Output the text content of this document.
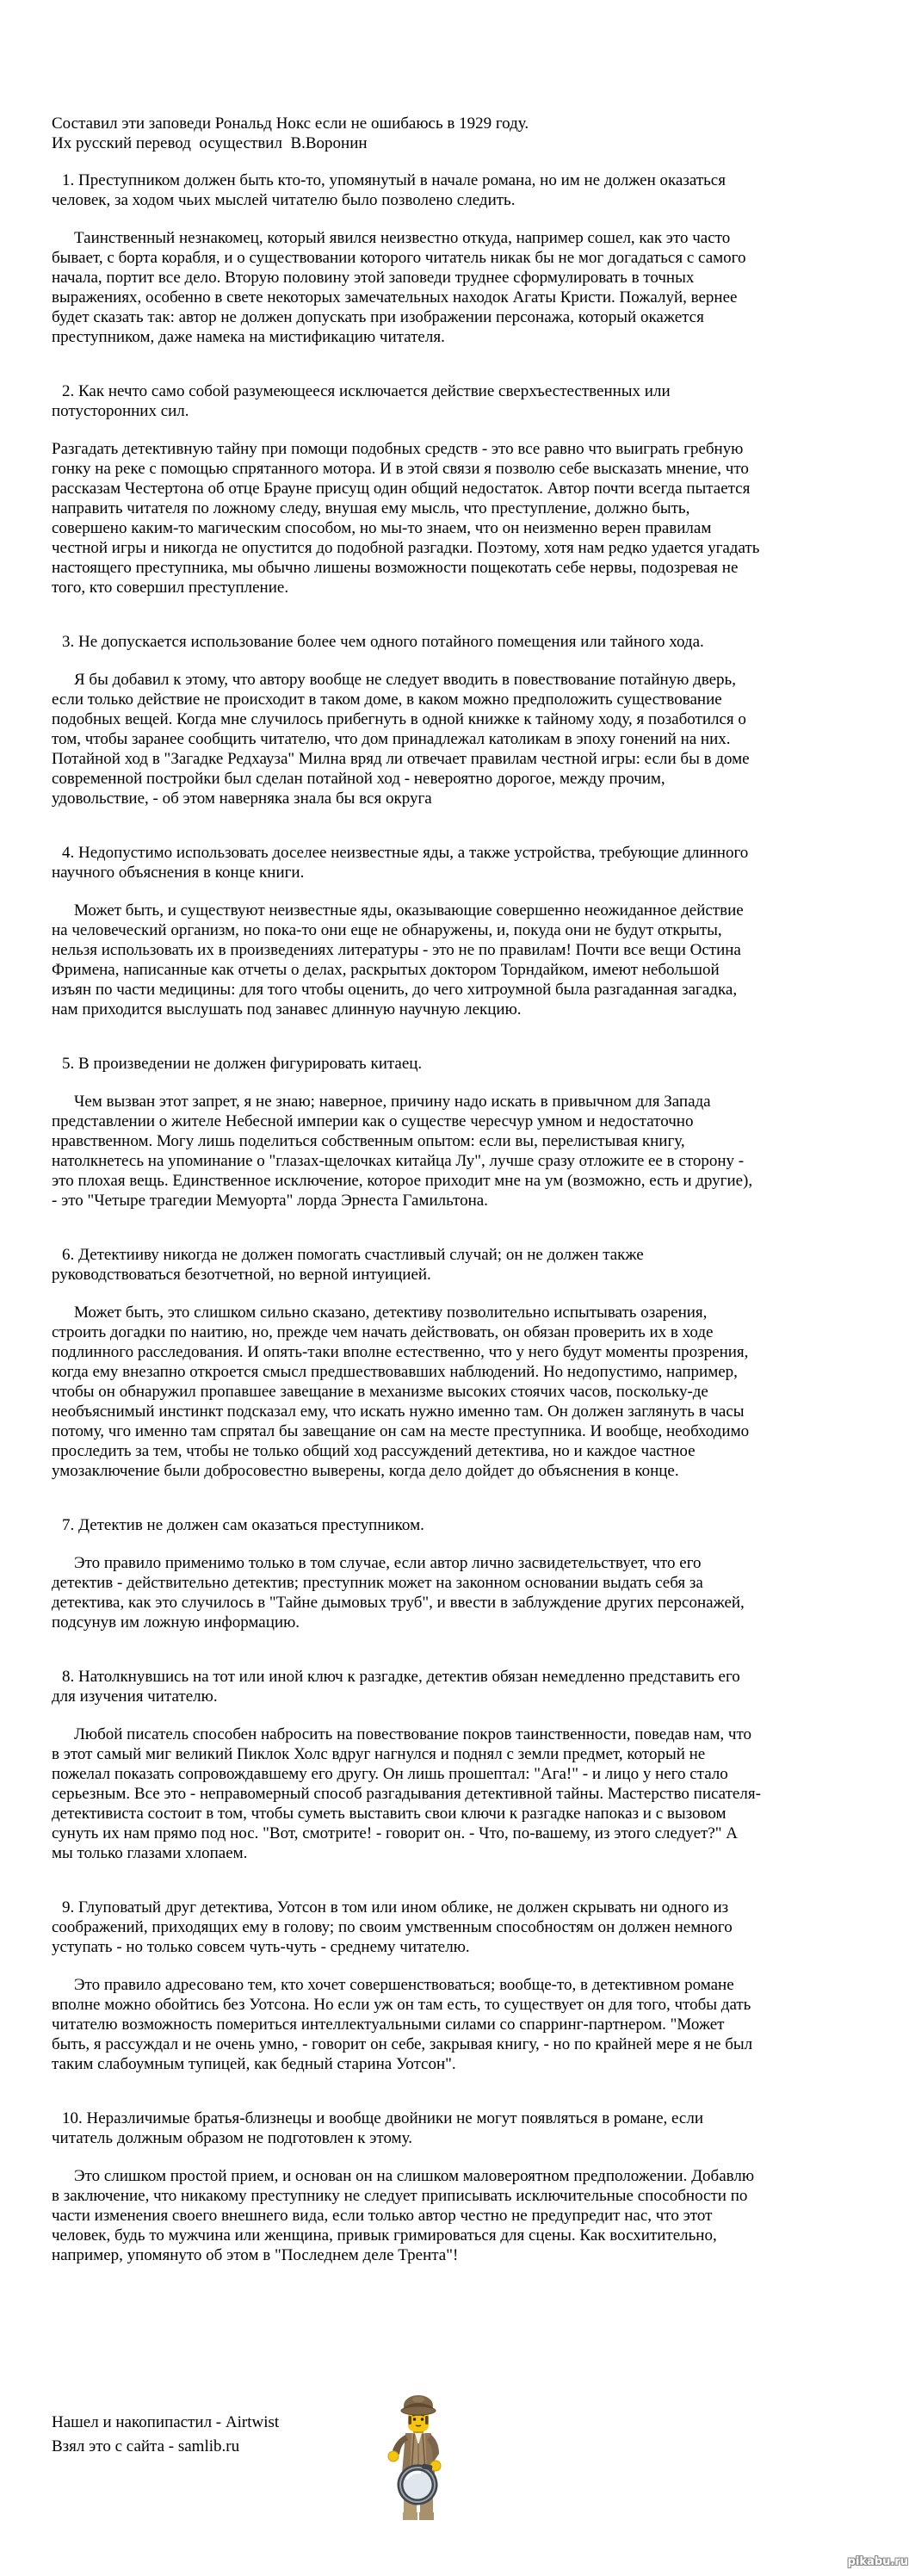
Составил эти заповеди Рональд Нокс если не ошибаюсь в 1929 году.

Их русский перевод  осуществил  В.Воронин

1. Преступником должен быть кто-то, упомянутый в начале романа, но им не должен оказаться человек, за ходом чьих мыслей читателю было позволено следить.

Таинственный незнакомец, который явился неизвестно откуда, например сошел, как это часто бывает, с борта корабля, и о существовании которого читатель никак бы не мог догадаться с самого начала, портит все дело. Вторую половину этой заповеди труднее сформулировать в точных выражениях, особенно в свете некоторых замечательных находок Агаты Кристи. Пожалуй, вернее будет сказать так: автор не должен допускать при изображении персонажа, который окажется преступником, даже намека на мистификацию читателя.

2. Как нечто само собой разумеющееся исключается действие сверхъестественных или потусторонних сил.

Разгадать детективную тайну при помощи подобных средств - это все равно что выиграть гребную гонку на реке с помощью спрятанного мотора. И в этой связи я позволю себе высказать мнение, что рассказам Честертона об отце Брауне присущ один общий недостаток. Автор почти всегда пытается направить читателя по ложному следу, внушая ему мысль, что преступление, должно быть, совершено каким-то магическим способом, но мы-то знаем, что он неизменно верен правилам честной игры и никогда не опустится до подобной разгадки. Поэтому, хотя нам редко удается угадать настоящего преступника, мы обычно лишены возможности пощекотать себе нервы, подозревая не того, кто совершил преступление.

3. Не допускается использование более чем одного потайного помещения или тайного хода.

Я бы добавил к этому, что автору вообще не следует вводить в повествование потайную дверь, если только действие не происходит в таком доме, в каком можно предположить существование подобных вещей. Когда мне случилось прибегнуть в одной книжке к тайному ходу, я позаботился о том, чтобы заранее сообщить читателю, что дом принадлежал католикам в эпоху гонений на них. Потайной ход в "Загадке Редхауза" Милна вряд ли отвечает правилам честной игры: если бы в доме современной постройки был сделан потайной ход - невероятно дорогое, между прочим, удовольствие, - об этом наверняка знала бы вся округа

4. Недопустимо использовать доселее неизвестные яды, а также устройства, требующие длинного научного объяснения в конце книги.

Может быть, и существуют неизвестные яды, оказывающие совершенно неожиданное действие на человеческий организм, но пока-то они еще не обнаружены, и, покуда они не будут открыты, нельзя использовать их в произведениях литературы - это не по правилам! Почти все вещи Остина Фримена, написанные как отчеты о делах, раскрытых доктором Торндайком, имеют небольшой изъян по части медицины: для того чтобы оценить, до чего хитроумной была разгаданная загадка, нам приходится выслушать под занавес длинную научную лекцию.

5. В произведении не должен фигурировать китаец.

Чем вызван этот запрет, я не знаю; наверное, причину надо искать в привычном для Запада представлении о жителе Небесной империи как о существе чересчур умном и недостаточно нравственном. Могу лишь поделиться собственным опытом: если вы, перелистывая книгу, натолкнетесь на упоминание о "глазах-щелочках китайца Лу", лучше сразу отложите ее в сторону - это плохая вещь. Единственное исключение, которое приходит мне на ум (возможно, есть и другие), - это "Четыре трагедии Мемуорта" лорда Эрнеста Гамильтона.

6. Детектииву никогда не должен помогать счастливый случай; он не должен также руководствоваться безотчетной, но верной интуицией.

Может быть, это слишком сильно сказано, детективу позволительно испытывать озарения, строить догадки по наитию, но, прежде чем начать действовать, он обязан проверить их в ходе подлинного расследования. И опять-таки вполне естественно, что у него будут моменты прозрения, когда ему внезапно откроется смысл предшествовавших наблюдений. Но недопустимо, например, чтобы он обнаружил пропавшее завещание в механизме высоких стоячих часов, поскольку-де необъяснимый инстинкт подсказал ему, что искать нужно именно там. Он должен заглянуть в часы потому, чго именно там спрятал бы завещание он сам на месте преступника. И вообще, необходимо проследить за тем, чтобы не только общий ход рассуждений детектива, но и каждое частное умозаключение были добросовестно выверены, когда дело дойдет до объяснения в конце.

7. Детектив не должен сам оказаться преступником.

Это правило применимо только в том случае, если автор лично засвидетельствует, что его детектив - действительно детектив; преступник может на законном основании выдать себя за детектива, как это случилось в "Тайне дымовых труб", и ввести в заблуждение других персонажей, подсунув им ложную информацию.

8. Натолкнувшись на тот или иной ключ к разгадке, детектив обязан немедленно представить его для изучения читателю.

Любой писатель способен набросить на повествование покров таинственности, поведав нам, что в этот самый миг великий Пиклок Холс вдруг нагнулся и поднял с земли предмет, который не пожелал показать сопровождавшему его другу. Он лишь прошептал: "Ага!" - и лицо у него стало серьезным. Все это - неправомерный способ разгадывания детективной тайны. Мастерство писателя-детективиста состоит в том, чтобы суметь выставить свои ключи к разгадке напоказ и с вызовом сунуть их нам прямо под нос. "Вот, смотрите! - говорит он. - Что, по-вашему, из этого следует?" А мы только глазами хлопаем.

9. Глуповатый друг детектива, Уотсон в том или ином облике, не должен скрывать ни одного из соображений, приходящих ему в голову; по своим умственным способностям он должен немного уступать - но только совсем чуть-чуть - среднему читателю.

Это правило адресовано тем, кто хочет совершенствоваться; вообще-то, в детективном романе вполне можно обойтись без Уотсона. Но если уж он там есть, то существует он для того, чтобы дать читателю возможность помериться интеллектуальными силами со спарринг-партнером. "Может быть, я рассуждал и не очень умно, - говорит он себе, закрывая книгу, - но по крайней мере я не был таким слабоумным тупицей, как бедный старина Уотсон".

10. Неразличимые братья-близнецы и вообще двойники не могут появляться в романе, если читатель должным образом не подготовлен к этому.

Это слишком простой прием, и основан он на слишком маловероятном предположении. Добавлю в заключение, что никакому преступнику не следует приписывать исключительные способности по части изменения своего внешнего вида, если только автор честно не предупредит нас, что этот человек, будь то мужчина или женщина, привык гримироваться для сцены. Как восхитительно, например, упомянуто об этом в "Последнем деле Трента"!

Нашел и накопипастил - Airtwist

Взял это с сайта - samlib.ru

pikabu.ru
